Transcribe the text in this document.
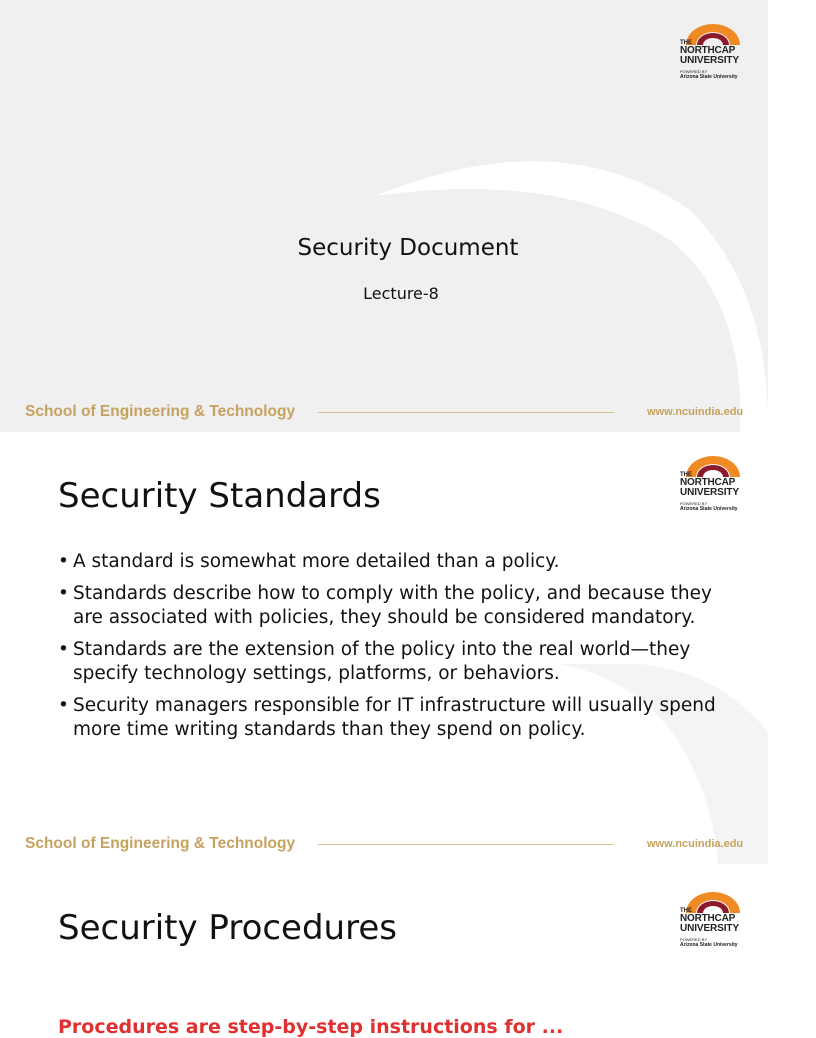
THE
NORTHCAP
UNIVERSITY
POWERED BY
Arizona State University
Security Document
Lecture-8
School of Engineering & Technology	www.ncuindia.edu
THE
NORTHCAP
UNIVERSITY
POWERED BY
Arizona State University
Security Standards
• A standard is somewhat more detailed than a policy.
• Standards describe how to comply with the policy, and because they are associated with policies, they should be considered mandatory.
• Standards are the extension of the policy into the real world—they specify technology settings, platforms, or behaviors.
• Security managers responsible for IT infrastructure will usually spend more time writing standards than they spend on policy.
School of Engineering & Technology	www.ncuindia.edu
THE
NORTHCAP
UNIVERSITY
POWERED BY
Arizona State University
Security Procedures
Procedures are step-by-step instructions for ...
